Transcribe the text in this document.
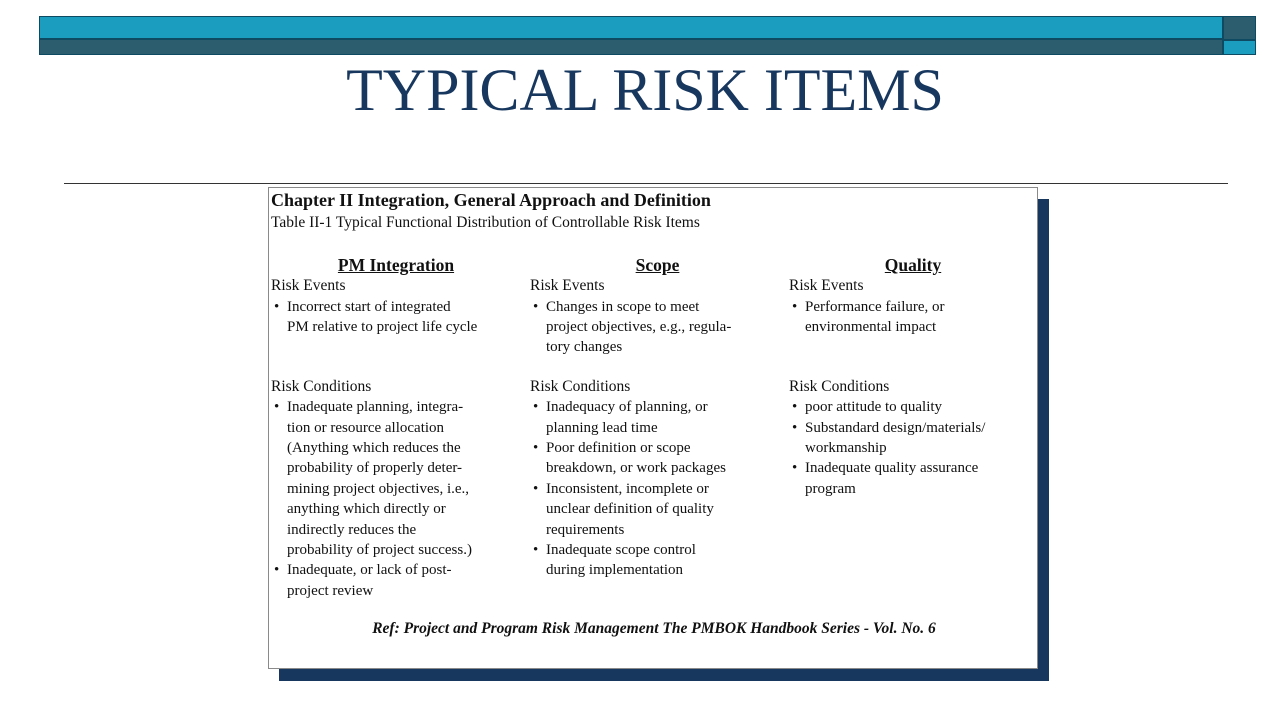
TYPICAL RISK ITEMS
Chapter II Integration, General Approach and Definition
Table II-1 Typical Functional Distribution of Controllable Risk Items
PM Integration
Risk Events
• Incorrect start of integrated
PM relative to project life cycle
Risk Conditions
• Inadequate planning, integra-
tion or resource allocation
(Anything which reduces the
probability of properly deter-
mining project objectives, i.e.,
anything which directly or
indirectly reduces the
probability of project success.)
• Inadequate, or lack of post-
project review
Scope
Risk Events
• Changes in scope to meet
project objectives, e.g., regula-
tory changes
Risk Conditions
• Inadequacy of planning, or
planning lead time
• Poor definition or scope
breakdown, or work packages
• Inconsistent, incomplete or
unclear definition of quality
requirements
• Inadequate scope control
during implementation
Quality
Risk Events
• Performance failure, or
environmental impact
Risk Conditions
• poor attitude to quality
• Substandard design/materials/
workmanship
• Inadequate quality assurance
program
Ref: Project and Program Risk Management The PMBOK Handbook Series - Vol. No. 6
